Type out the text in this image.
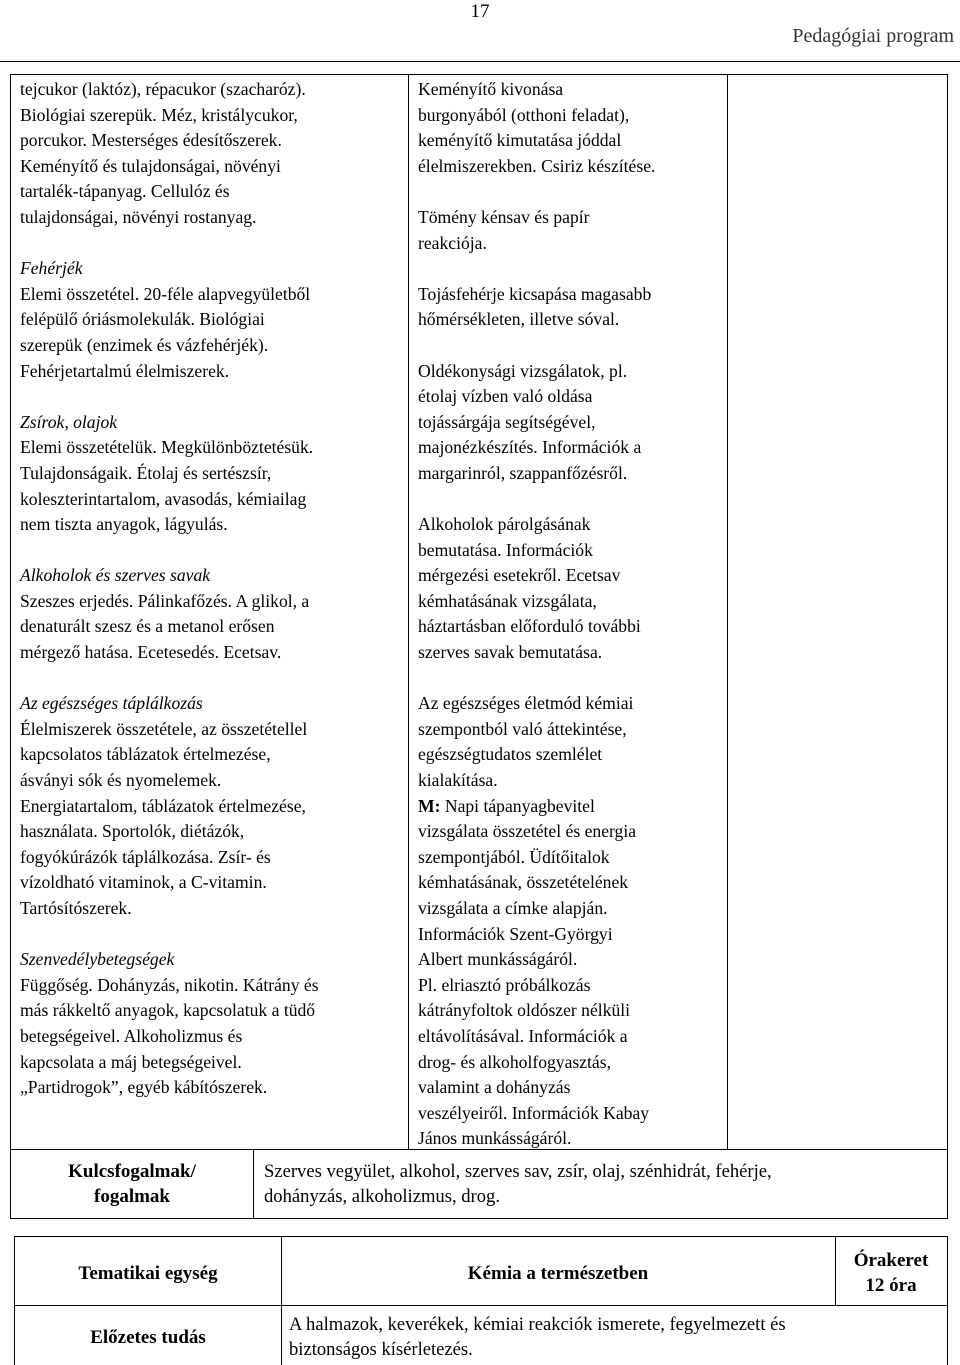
17
Pedagógiai program

tejcukor (laktóz), répacukor (szacharóz).

Biológiai szerepük. Méz, kristálycukor,

porcukor. Mesterséges édesítőszerek.

Keményítő és tulajdonságai, növényi

tartalék-tápanyag. Cellulóz és

tulajdonságai, növényi rostanyag.

Fehérjék

Elemi összetétel. 20-féle alapvegyületből

felépülő óriásmolekulák. Biológiai

szerepük (enzimek és vázfehérjék).

Fehérjetartalmú élelmiszerek.

Zsírok, olajok

Elemi összetételük. Megkülönböztetésük.

Tulajdonságaik. Étolaj és sertészsír,

koleszterintartalom, avasodás, kémiailag

nem tiszta anyagok, lágyulás.

Alkoholok és szerves savak

Szeszes erjedés. Pálinkafőzés. A glikol, a

denaturált szesz és a metanol erősen

mérgező hatása. Ecetesedés. Ecetsav.

Az egészséges táplálkozás

Élelmiszerek összetétele, az összetétellel

kapcsolatos táblázatok értelmezése,

ásványi sók és nyomelemek.

Energiatartalom, táblázatok értelmezése,

használata. Sportolók, diétázók,

fogyókúrázók táplálkozása. Zsír- és

vízoldható vitaminok, a C-vitamin.

Tartósítószerek.

Szenvedélybetegségek

Függőség. Dohányzás, nikotin. Kátrány és

más rákkeltő anyagok, kapcsolatuk a tüdő

betegségeivel. Alkoholizmus és

kapcsolata a máj betegségeivel.

„Partidrogok”, egyéb kábítószerek.

Keményítő kivonása

burgonyából (otthoni feladat),

keményítő kimutatása jóddal

élelmiszerekben. Csiriz készítése.

Tömény kénsav és papír

reakciója.

Tojásfehérje kicsapása magasabb

hőmérsékleten, illetve sóval.

Oldékonysági vizsgálatok, pl.

étolaj vízben való oldása

tojássárgája segítségével,

majonézkészítés. Információk a

margarinról, szappanfőzésről.

Alkoholok párolgásának

bemutatása. Információk

mérgezési esetekről. Ecetsav

kémhatásának vizsgálata,

háztartásban előforduló további

szerves savak bemutatása.

Az egészséges életmód kémiai

szempontból való áttekintése,

egészségtudatos szemlélet

kialakítása.

M: Napi tápanyagbevitel

vizsgálata összetétel és energia

szempontjából. Üdítőitalok

kémhatásának, összetételének

vizsgálata a címke alapján.

Információk Szent-Györgyi

Albert munkásságáról.

Pl. elriasztó próbálkozás

kátrányfoltok oldószer nélküli

eltávolításával. Információk a

drog- és alkoholfogyasztás,

valamint a dohányzás

veszélyeiről. Információk Kabay

János munkásságáról.

Kulcsfogalmak/
fogalmak
Szerves vegyület, alkohol, szerves sav, zsír, olaj, szénhidrát, fehérje,
dohányzás, alkoholizmus, drog.
Tematikai egység	Kémia a természetben
Órakeret
12 óra
Előzetes tudás
A halmazok, keverékek, kémiai reakciók ismerete, fegyelmezett és
biztonságos kísérletezés.
